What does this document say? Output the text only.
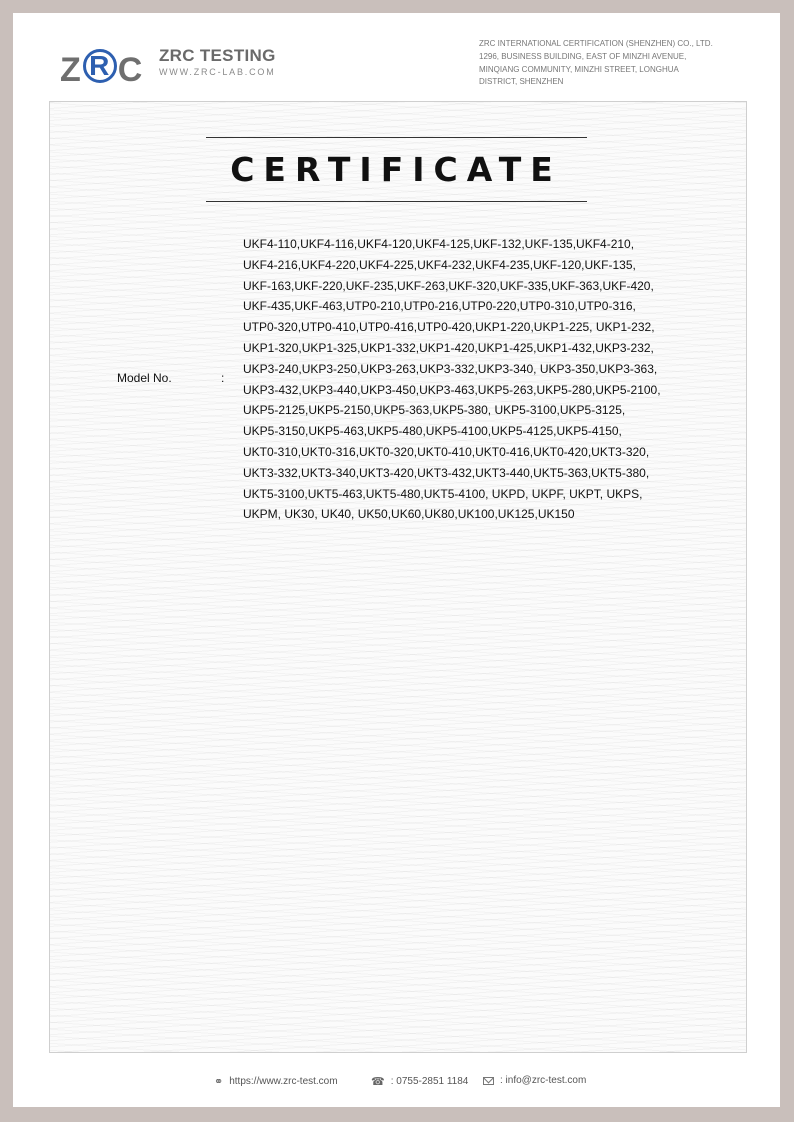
Z R C ZRC TESTING
WWW.ZRC-LAB.COM
ZRC INTERNATIONAL CERTIFICATION (SHENZHEN) CO., LTD.
1296, BUSINESS BUILDING, EAST OF MINZHI AVENUE,
MINQIANG COMMUNITY, MINZHI STREET, LONGHUA
DISTRICT, SHENZHEN
CERTIFICATE
Model No.	:
UKF4-110,UKF4-116,UKF4-120,UKF4-125,UKF-132,UKF-135,UKF4-210,
UKF4-216,UKF4-220,UKF4-225,UKF4-232,UKF4-235,UKF-120,UKF-135,
UKF-163,UKF-220,UKF-235,UKF-263,UKF-320,UKF-335,UKF-363,UKF-420,
UKF-435,UKF-463,UTP0-210,UTP0-216,UTP0-220,UTP0-310,UTP0-316,
UTP0-320,UTP0-410,UTP0-416,UTP0-420,UKP1-220,UKP1-225, UKP1-232,
UKP1-320,UKP1-325,UKP1-332,UKP1-420,UKP1-425,UKP1-432,UKP3-232,
UKP3-240,UKP3-250,UKP3-263,UKP3-332,UKP3-340, UKP3-350,UKP3-363,
UKP3-432,UKP3-440,UKP3-450,UKP3-463,UKP5-263,UKP5-280,UKP5-2100,
UKP5-2125,UKP5-2150,UKP5-363,UKP5-380, UKP5-3100,UKP5-3125,
UKP5-3150,UKP5-463,UKP5-480,UKP5-4100,UKP5-4125,UKP5-4150,
UKT0-310,UKT0-316,UKT0-320,UKT0-410,UKT0-416,UKT0-420,UKT3-320,
UKT3-332,UKT3-340,UKT3-420,UKT3-432,UKT3-440,UKT5-363,UKT5-380,
UKT5-3100,UKT5-463,UKT5-480,UKT5-4100, UKPD, UKPF, UKPT, UKPS,
UKPM, UK30, UK40, UK50,UK60,UK80,UK100,UK125,UK150
⚭ https://www.zrc-test.com	☎ : 0755-2851 1184	: info@zrc-test.com
